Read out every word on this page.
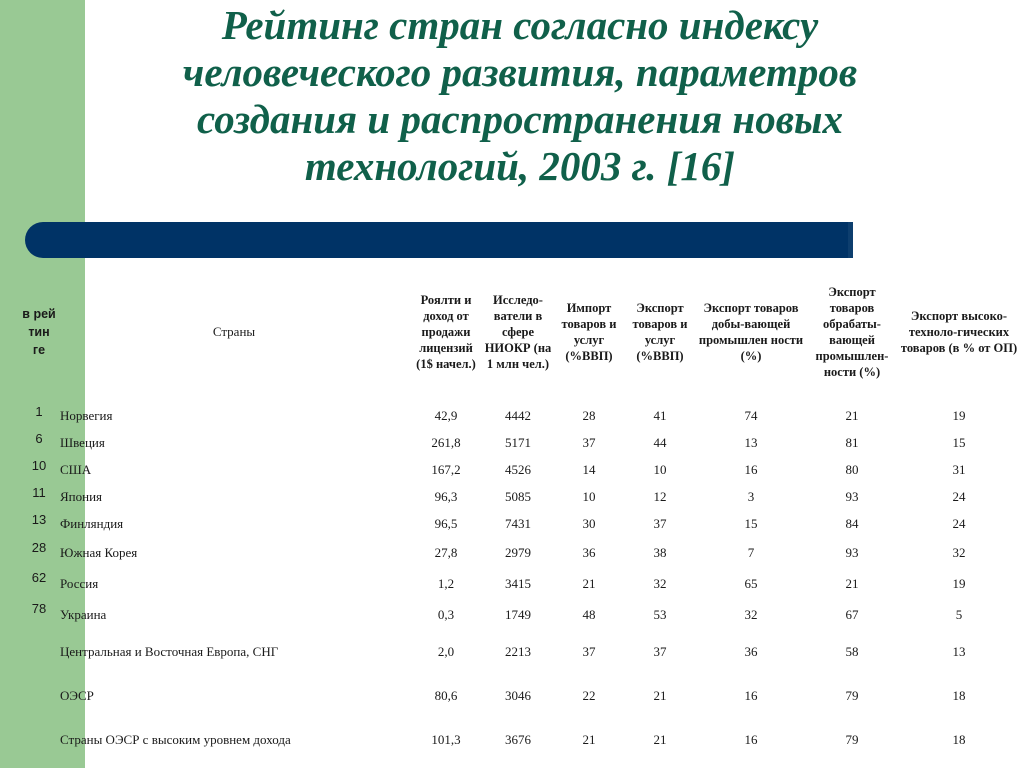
Рейтинг стран согласно индексу человеческого развития, параметров создания и распространения новых технологий, 2003 г. [16]
в рей тин ге	Страны	Роялти и доход от продажи лицензий (1$ начел.)	Исследо-ватели в сфере НИОКР (на 1 млн чел.)	Импорт товаров и услуг (%ВВП)	Экспорт товаров и услуг (%ВВП)	Экспорт товаров добы-вающей промышлен ности (%)	Экспорт товаров обрабаты-вающей промышлен-ности (%)	Экспорт высоко-техноло-гических товаров (в % от ОП)
1	Норвегия	42,9	4442	28	41	74	21	19
6	Швеция	261,8	5171	37	44	13	81	15
10	США	167,2	4526	14	10	16	80	31
11	Япония	96,3	5085	10	12	3	93	24
13	Финляндия	96,5	7431	30	37	15	84	24
28	Южная Корея	27,8	2979	36	38	7	93	32
62	Россия	1,2	3415	21	32	65	21	19
78	Украина	0,3	1749	48	53	32	67	5
	Центральная и Восточная Европа, СНГ	2,0	2213	37	37	36	58	13
	ОЭСР	80,6	3046	22	21	16	79	18
	Страны ОЭСР с высоким уровнем дохода	101,3	3676	21	21	16	79	18
